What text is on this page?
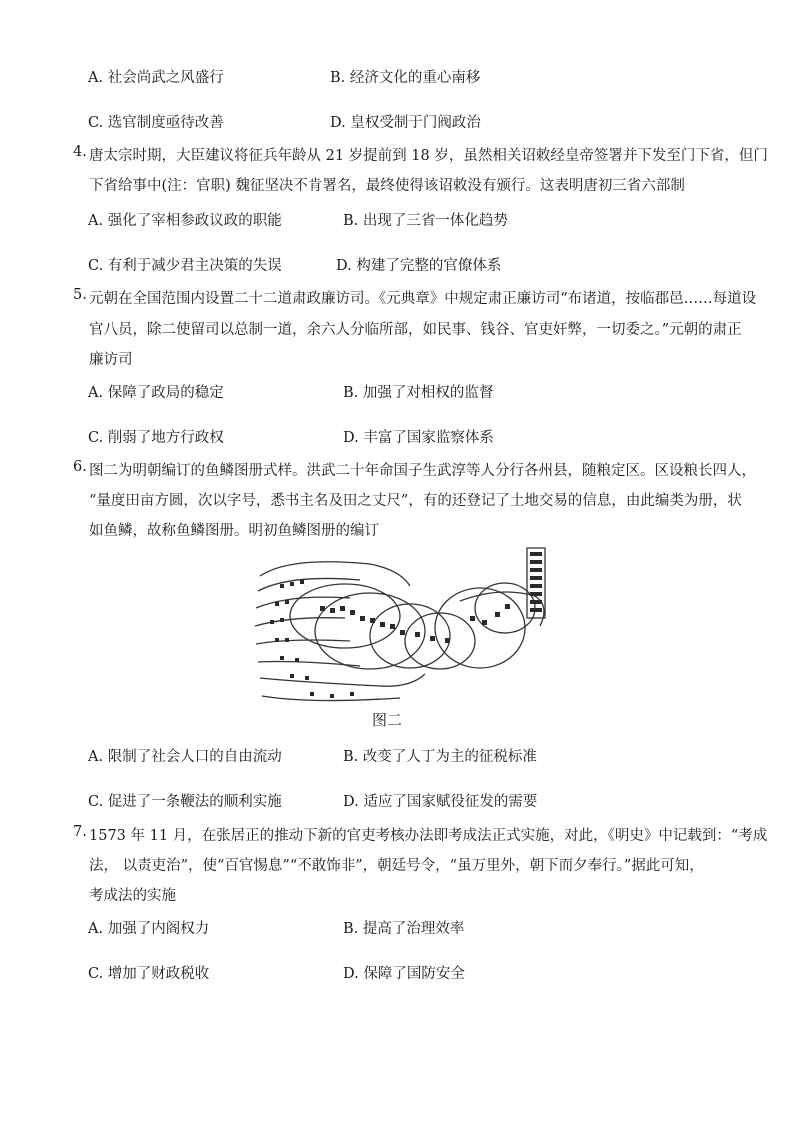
A. 社会尚武之风盛行	B. 经济文化的重心南移
C. 选官制度亟待改善	D. 皇权受制于门阀政治
4. 唐太宗时期，大臣建议将征兵年龄从 21 岁提前到 18 岁，虽然相关诏敕经皇帝签署并下发至门下省，但门
下省给事中(注：官职) 魏征坚决不肯署名，最终使得该诏敕没有颁行。这表明唐初三省六部制
A. 强化了宰相参政议政的职能	B. 出现了三省一体化趋势
C. 有利于减少君主决策的失误	D. 构建了完整的官僚体系
5. 元朝在全国范围内设置二十二道肃政廉访司。《元典章》中规定肃正廉访司“布诸道，按临郡邑……每道设
官八员，除二使留司以总制一道，余六人分临所部，如民事、钱谷、官吏奸弊，一切委之。”元朝的肃正
廉访司
A. 保障了政局的稳定	B. 加强了对相权的监督
C. 削弱了地方行政权	D. 丰富了国家监察体系
6. 图二为明朝编订的鱼鳞图册式样。洪武二十年命国子生武淳等人分行各州县，随粮定区。区设粮长四人，
“量度田亩方圆，次以字号，悉书主名及田之丈尺”，有的还登记了土地交易的信息，由此编类为册，状
如鱼鳞，故称鱼鳞图册。明初鱼鳞图册的编订
图二
A. 限制了社会人口的自由流动	B. 改变了人丁为主的征税标准
C. 促进了一条鞭法的顺利实施	D. 适应了国家赋役征发的需要
7. 1573 年 11 月，在张居正的推动下新的官吏考核办法即考成法正式实施，对此，《明史》中记载到：“考成
法， 以责吏治”，使“百官惕息”“不敢饰非”，朝廷号令，“虽万里外，朝下而夕奉行。”据此可知，
考成法的实施
A. 加强了内阁权力	B. 提高了治理效率
C. 增加了财政税收	D. 保障了国防安全
